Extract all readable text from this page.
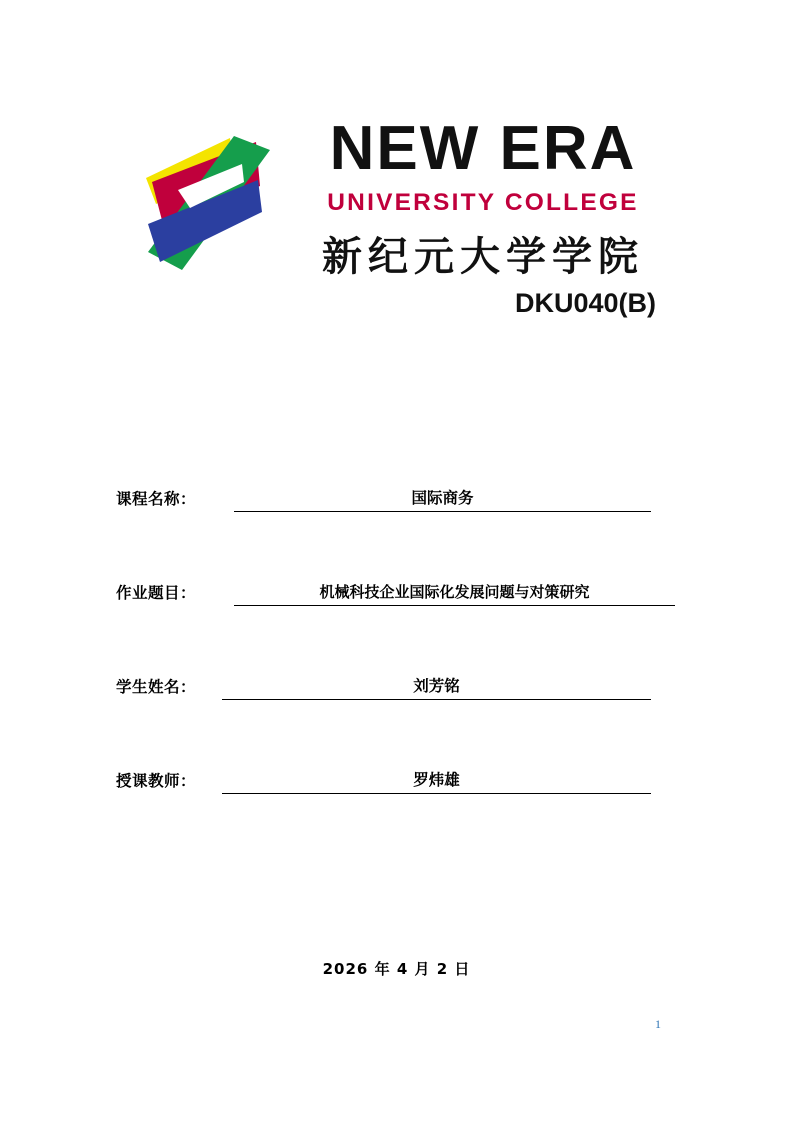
NEW ERA
UNIVERSITY COLLEGE
新纪元大学学院
DKU040(B)
课程名称：	国际商务
作业题目：	机械科技企业国际化发展问题与对策研究
学生姓名：	刘芳铭
授课教师：	罗炜雄
2026 年 4 月 2 日
1
